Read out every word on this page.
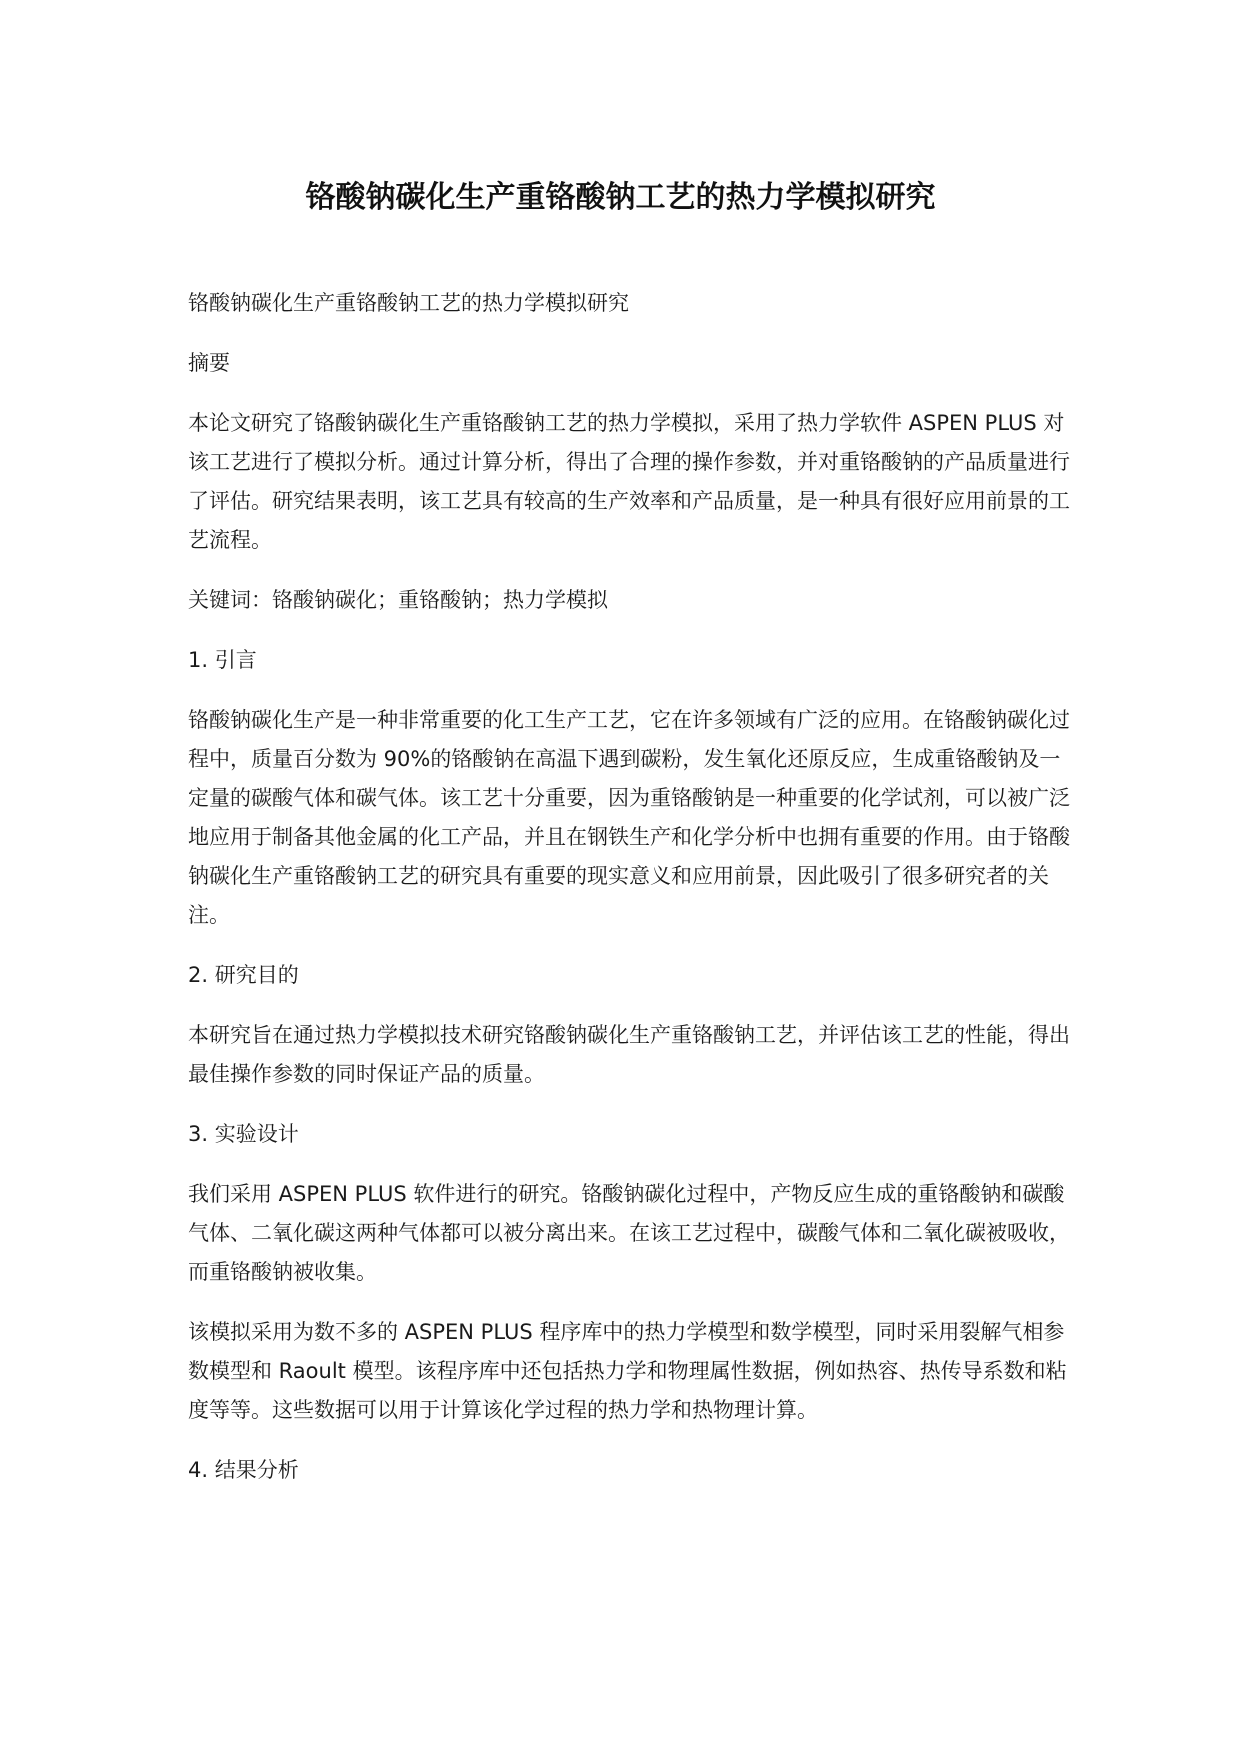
铬酸钠碳化生产重铬酸钠工艺的热力学模拟研究

铬酸钠碳化生产重铬酸钠工艺的热力学模拟研究

摘要

本论文研究了铬酸钠碳化生产重铬酸钠工艺的热力学模拟，采用了热力学软件 ASPEN PLUS 对该工艺进行了模拟分析。通过计算分析，得出了合理的操作参数，并对重铬酸钠的产品质量进行了评估。研究结果表明，该工艺具有较高的生产效率和产品质量，是一种具有很好应用前景的工艺流程。

关键词：铬酸钠碳化；重铬酸钠；热力学模拟

1. 引言

铬酸钠碳化生产是一种非常重要的化工生产工艺，它在许多领域有广泛的应用。在铬酸钠碳化过程中，质量百分数为 90%的铬酸钠在高温下遇到碳粉，发生氧化还原反应，生成重铬酸钠及一定量的碳酸气体和碳气体。该工艺十分重要，因为重铬酸钠是一种重要的化学试剂，可以被广泛地应用于制备其他金属的化工产品，并且在钢铁生产和化学分析中也拥有重要的作用。由于铬酸钠碳化生产重铬酸钠工艺的研究具有重要的现实意义和应用前景，因此吸引了很多研究者的关注。

2. 研究目的

本研究旨在通过热力学模拟技术研究铬酸钠碳化生产重铬酸钠工艺，并评估该工艺的性能，得出最佳操作参数的同时保证产品的质量。

3. 实验设计

我们采用 ASPEN PLUS 软件进行的研究。铬酸钠碳化过程中，产物反应生成的重铬酸钠和碳酸气体、二氧化碳这两种气体都可以被分离出来。在该工艺过程中，碳酸气体和二氧化碳被吸收，而重铬酸钠被收集。

该模拟采用为数不多的 ASPEN PLUS 程序库中的热力学模型和数学模型，同时采用裂解气相参数模型和 Raoult 模型。该程序库中还包括热力学和物理属性数据，例如热容、热传导系数和粘度等等。这些数据可以用于计算该化学过程的热力学和热物理计算。

4. 结果分析
